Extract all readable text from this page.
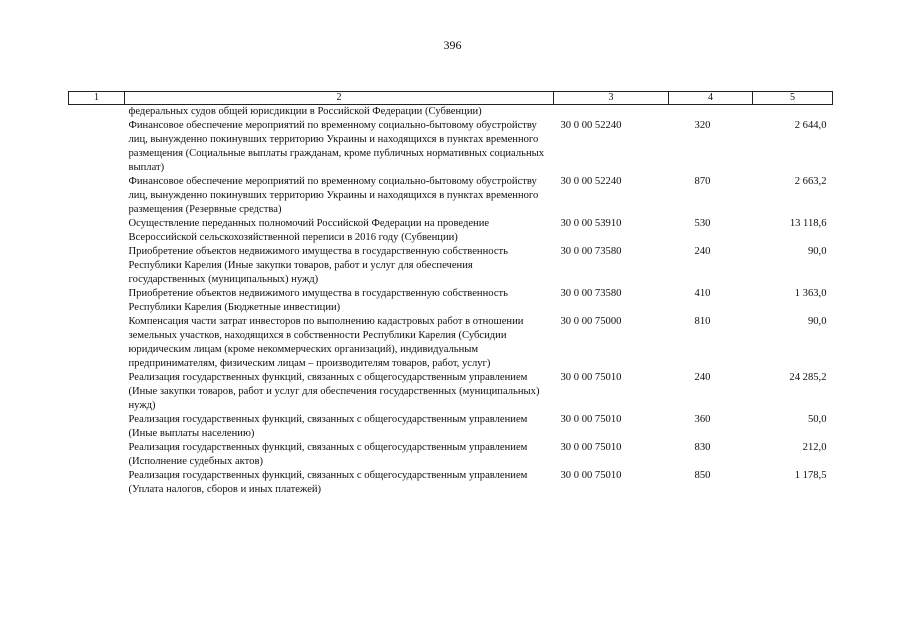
396
1	2	3	4	5
	федеральных судов общей юрисдикции в Российской Федерации (Субвенции)			
	Финансовое обеспечение мероприятий по временному социально-бытовому обустройству лиц, вынужденно покинувших территорию Украины и находящихся в пунктах временного размещения (Социальные выплаты гражданам, кроме публичных нормативных социальных выплат)	30 0 00 52240	320	2 644,0
	Финансовое обеспечение мероприятий по временному социально-бытовому обустройству лиц, вынужденно покинувших территорию Украины и находящихся в пунктах временного размещения (Резервные средства)	30 0 00 52240	870	2 663,2
	Осуществление переданных полномочий Российской Федерации на проведение Всероссийской сельскохозяйственной переписи в 2016 году (Субвенции)	30 0 00 53910	530	13 118,6
	Приобретение объектов недвижимого имущества в государственную собственность Республики Карелия (Иные закупки товаров, работ и услуг для обеспечения государственных (муниципальных) нужд)	30 0 00 73580	240	90,0
	Приобретение объектов недвижимого имущества в государственную собственность Республики Карелия (Бюджетные инвестиции)	30 0 00 73580	410	1 363,0
	Компенсация части затрат инвесторов по выполнению кадастровых работ в отношении земельных участков, находящихся в собственности Республики Карелия (Субсидии юридическим лицам (кроме некоммерческих организаций), индивидуальным предпринимателям, физическим лицам – производителям товаров, работ, услуг)	30 0 00 75000	810	90,0
	Реализация государственных функций, связанных с общегосударственным управлением (Иные закупки товаров, работ и услуг для обеспечения государственных (муниципальных) нужд)	30 0 00 75010	240	24 285,2
	Реализация государственных функций, связанных с общегосударственным управлением (Иные выплаты населению)	30 0 00 75010	360	50,0
	Реализация государственных функций, связанных с общегосударственным управлением (Исполнение судебных актов)	30 0 00 75010	830	212,0
	Реализация государственных функций, связанных с общегосударственным управлением (Уплата налогов, сборов и иных платежей)	30 0 00 75010	850	1 178,5
